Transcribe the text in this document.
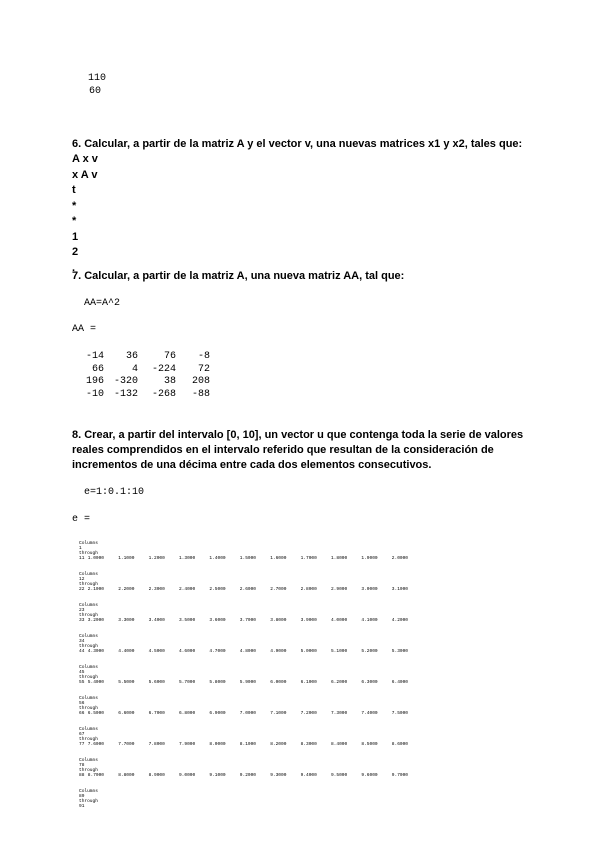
110
60
6. Calcular, a partir de la matriz A y el vector v, una nuevas matrices x1 y x2, tales que:
A x v
x A v
t
*
*
1
2
.
7. Calcular, a partir de la matriz A, una nueva matriz AA, tal que:
AA=A^2
AA =
-14	36	76	-8
66	4	-224	72
196	-320	38	208
-10	-132	-268	-88
8. Crear, a partir del intervalo [0, 10], un vector u que contenga toda la serie de valores reales comprendidos en el intervalo referido que resultan de la consideración de incrementos de una décima entre cada dos elementos consecutivos.
e=1:0.1:10
e =
Columns 1 through 11 1.0000	1.1000	1.2000	1.3000	1.4000	1.5000	1.6000	1.7000	1.8000	1.9000	2.0000
Columns 12 through 22 2.1000	2.2000	2.3000	2.4000	2.5000	2.6000	2.7000	2.8000	2.9000	3.0000	3.1000
Columns 23 through 33 3.2000	3.3000	3.4000	3.5000	3.6000	3.7000	3.8000	3.9000	4.0000	4.1000	4.2000
Columns 34 through 44 4.3000	4.4000	4.5000	4.6000	4.7000	4.8000	4.9000	5.0000	5.1000	5.2000	5.3000
Columns 45 through 55 5.4000	5.5000	5.6000	5.7000	5.8000	5.9000	6.0000	6.1000	6.2000	6.3000	6.4000
Columns 56 through 66 6.5000	6.6000	6.7000	6.8000	6.9000	7.0000	7.1000	7.2000	7.3000	7.4000	7.5000
Columns 67 through 77 7.6000	7.7000	7.8000	7.9000	8.0000	8.1000	8.2000	8.3000	8.4000	8.5000	8.6000
Columns 78 through 88 8.7000	8.8000	8.9000	9.0000	9.1000	9.2000	9.3000	9.4000	9.5000	9.6000	9.7000
Columns 89 through 91
